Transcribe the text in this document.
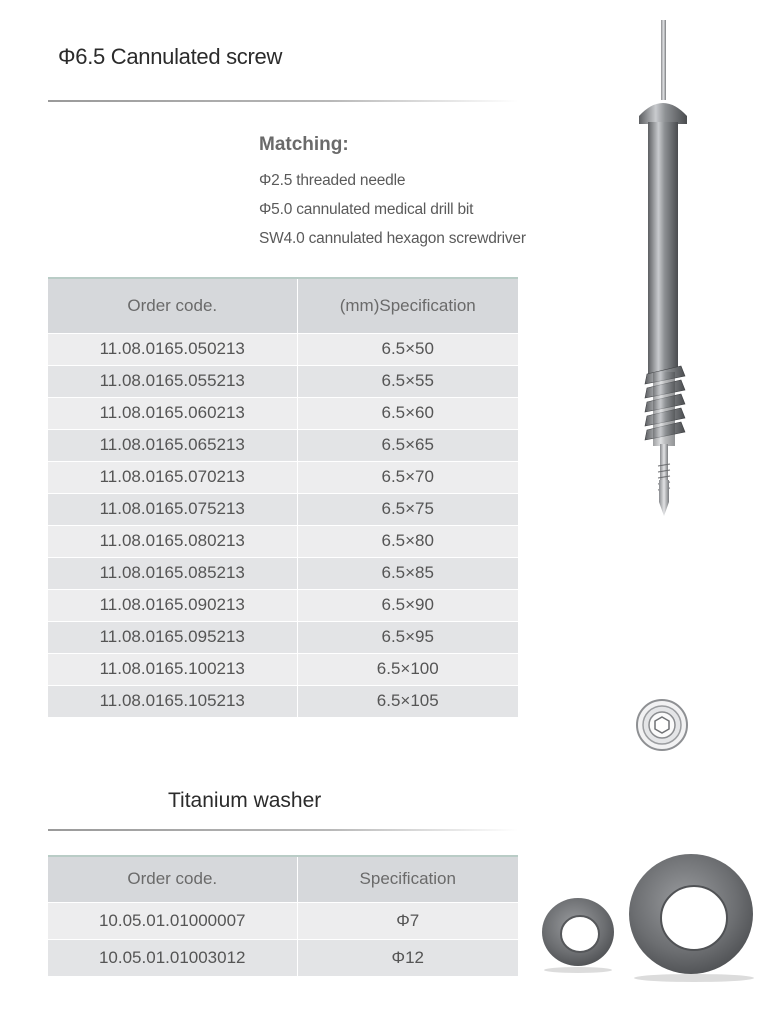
Φ6.5 Cannulated screw
Matching:
Φ2.5 threaded needle
Φ5.0 cannulated medical drill bit
SW4.0 cannulated hexagon screwdriver
Order code.	(mm)Specification
11.08.0165.050213	6.5×50
11.08.0165.055213	6.5×55
11.08.0165.060213	6.5×60
11.08.0165.065213	6.5×65
11.08.0165.070213	6.5×70
11.08.0165.075213	6.5×75
11.08.0165.080213	6.5×80
11.08.0165.085213	6.5×85
11.08.0165.090213	6.5×90
11.08.0165.095213	6.5×95
11.08.0165.100213	6.5×100
11.08.0165.105213	6.5×105
Titanium washer
Order code.	Specification
10.05.01.01000007	Φ7
10.05.01.01003012	Φ12
